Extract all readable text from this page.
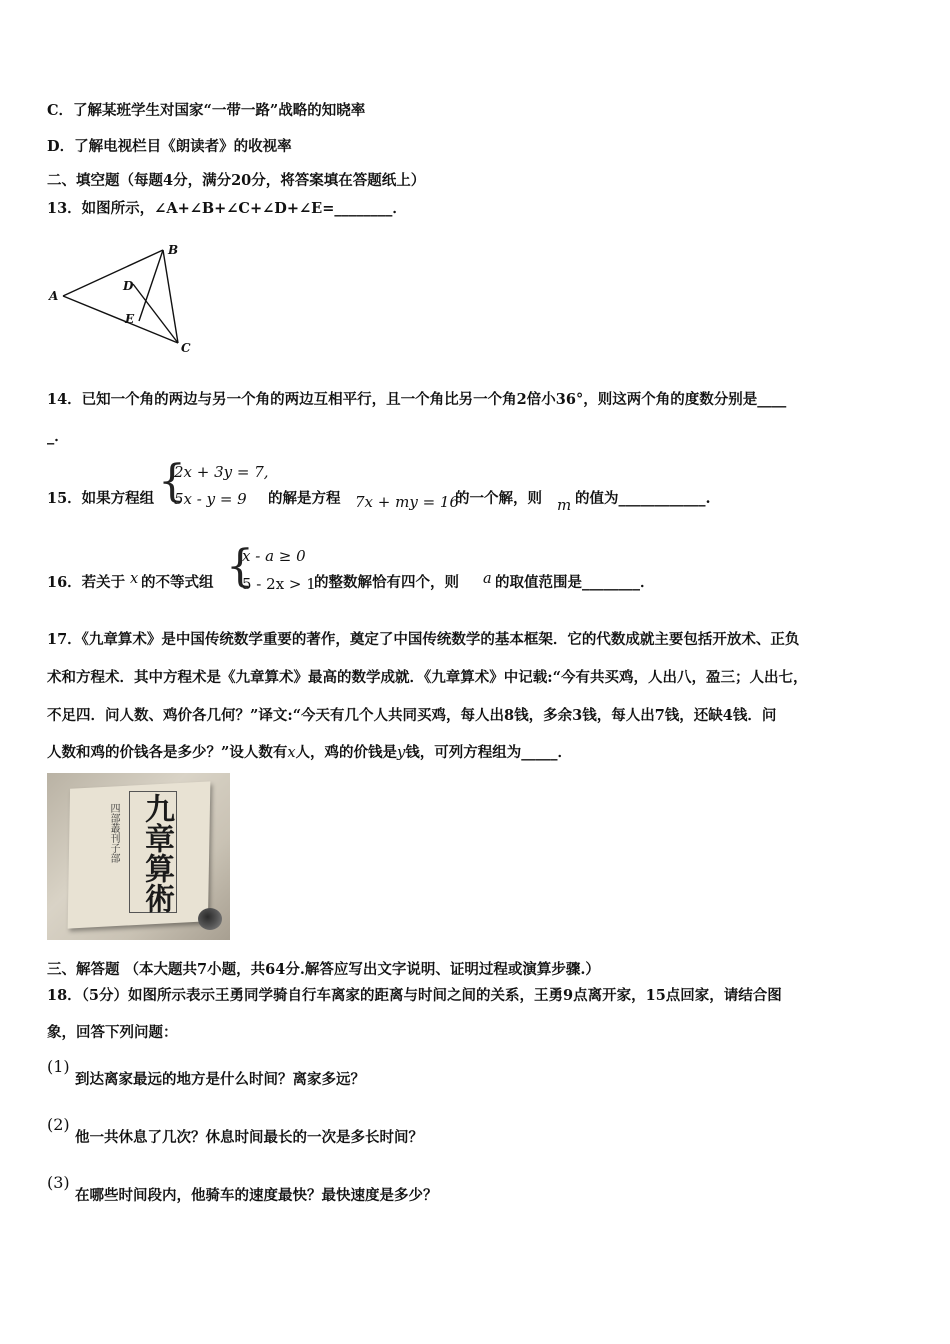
C．了解某班学生对国家“一带一路”战略的知晓率
D．了解电视栏目《朗读者》的收视率
二、填空题（每题4分，满分20分，将答案填在答题纸上）
13．如图所示，∠A+∠B+∠C+∠D+∠E=________．
A
B
C
D
E
14．已知一个角的两边与另一个角的两边互相平行，且一个角比另一个角2倍小36°，则这两个角的度数分别是____
_．
15．如果方程组 {
2x + 3y = 7,
5x - y = 9 的解是方程 7x + my = 16
的一个解，则 m 的值为____________.
16．若关于 x 的不等式组 {
x - a ≥ 0
5 - 2x > 1
的整数解恰有四个，则 a 的取值范围是________．
17．《九章算术》是中国传统数学重要的著作，奠定了中国传统数学的基本框架．它的代数成就主要包括开放术、正负
术和方程术．其中方程术是《九章算术》最高的数学成就．《九章算术》中记载:“今有共买鸡，人出八，盈三；人出七，
不足四．问人数、鸡价各几何？”译文:“今天有几个人共同买鸡，每人出8钱，多余3钱，每人出7钱，还缺4钱．问
人数和鸡的价钱各是多少？”设人数有x人，鸡的价钱是y钱，可列方程组为_____．
九章算術
四部叢刊子部
三、解答题 （本大题共7小题，共64分.解答应写出文字说明、证明过程或演算步骤.）
18．（5分）如图所示表示王勇同学骑自行车离家的距离与时间之间的关系，王勇9点离开家，15点回家，请结合图
象，回答下列问题：
(1)
到达离家最远的地方是什么时间？离家多远？
(2)
他一共休息了几次？休息时间最长的一次是多长时间？
(3)
在哪些时间段内，他骑车的速度最快？最快速度是多少？
